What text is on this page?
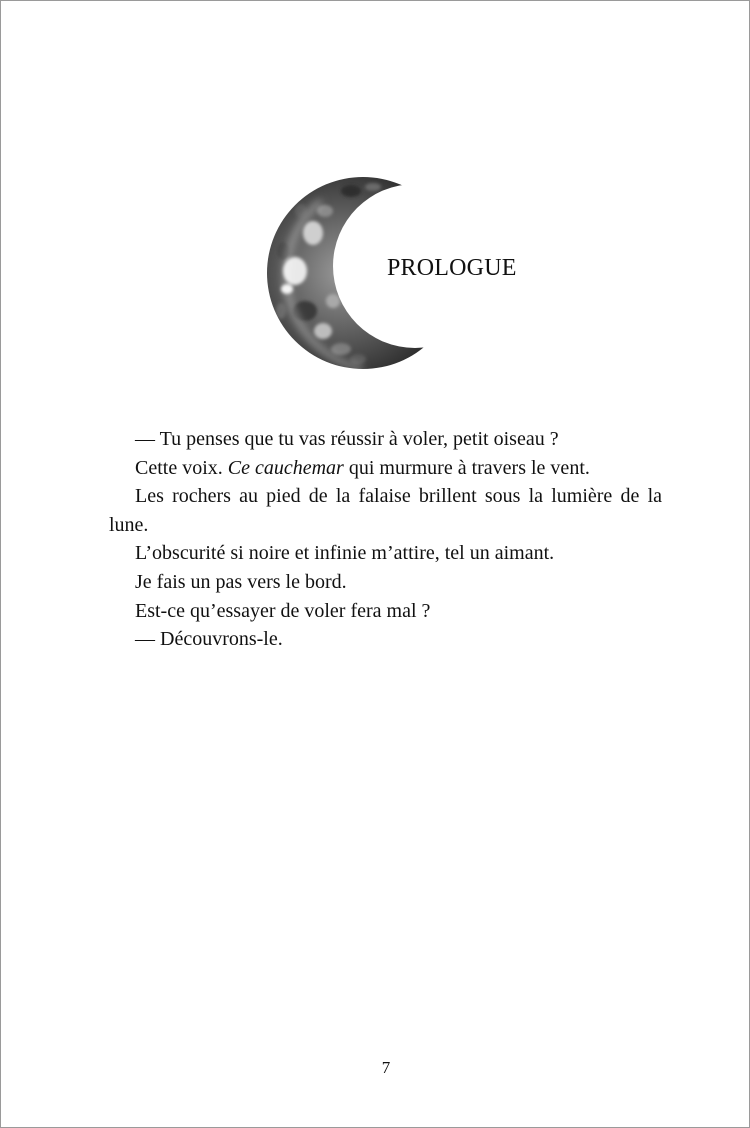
PROLOGUE

— Tu penses que tu vas réussir à voler, petit oiseau ?

Cette voix. Ce cauchemar qui murmure à travers le vent.

Les rochers au pied de la falaise brillent sous la lumière de la lune.

L’obscurité si noire et infinie m’attire, tel un aimant.

Je fais un pas vers le bord.

Est-ce qu’essayer de voler fera mal ?

— Découvrons-le.

7
